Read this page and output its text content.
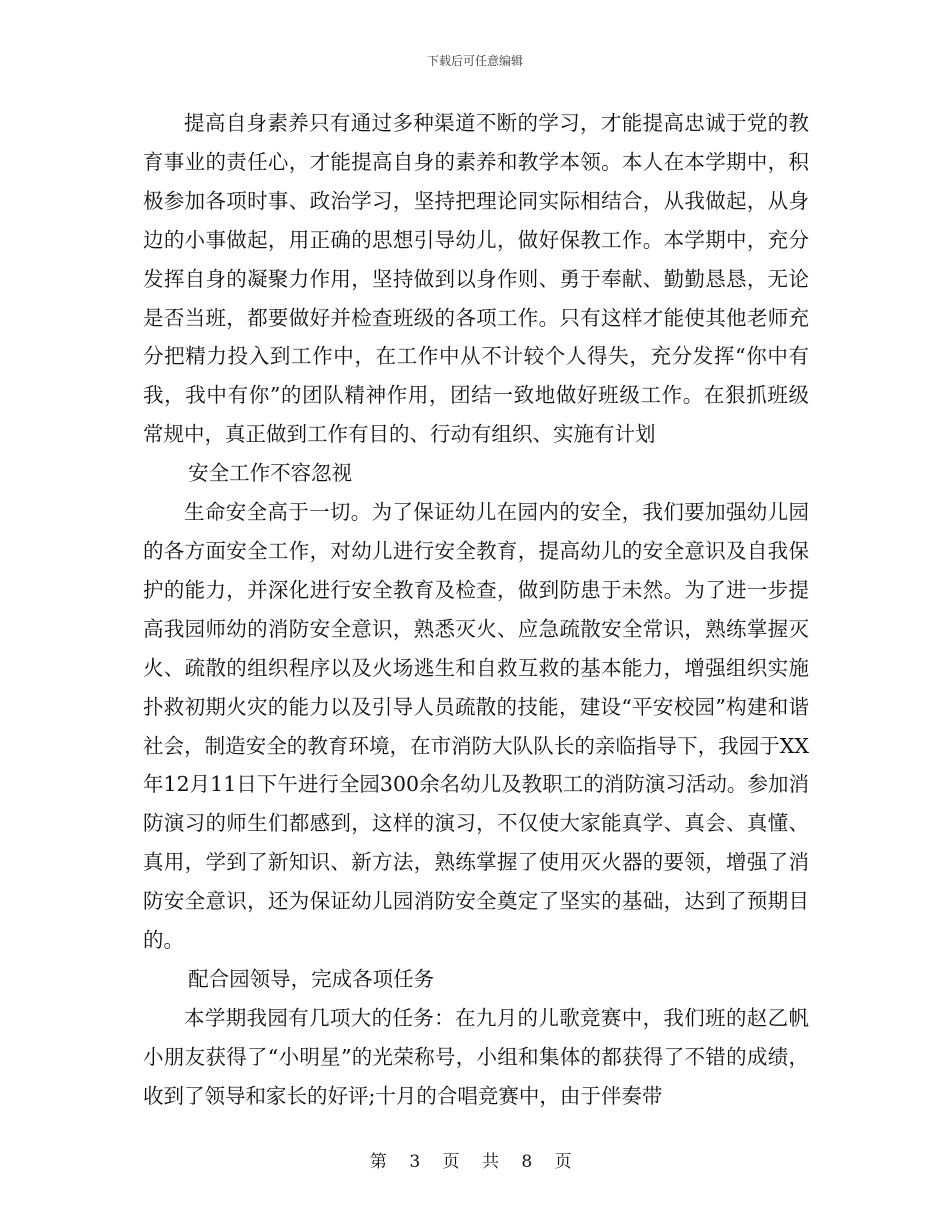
下载后可任意编辑

提高自身素养只有通过多种渠道不断的学习，才能提高忠诚于党的教育事业的责任心，才能提高自身的素养和教学本领。本人在本学期中，积极参加各项时事、政治学习，坚持把理论同实际相结合，从我做起，从身边的小事做起，用正确的思想引导幼儿，做好保教工作。本学期中，充分发挥自身的凝聚力作用，坚持做到以身作则、勇于奉献、勤勤恳恳，无论是否当班，都要做好并检查班级的各项工作。只有这样才能使其他老师充分把精力投入到工作中，在工作中从不计较个人得失，充分发挥“你中有我，我中有你”的团队精神作用，团结一致地做好班级工作。在狠抓班级常规中，真正做到工作有目的、行动有组织、实施有计划

安全工作不容忽视

生命安全高于一切。为了保证幼儿在园内的安全，我们要加强幼儿园的各方面安全工作，对幼儿进行安全教育，提高幼儿的安全意识及自我保护的能力，并深化进行安全教育及检查，做到防患于未然。为了进一步提高我园师幼的消防安全意识，熟悉灭火、应急疏散安全常识，熟练掌握灭火、疏散的组织程序以及火场逃生和自救互救的基本能力，增强组织实施扑救初期火灾的能力以及引导人员疏散的技能，建设“平安校园”构建和谐社会，制造安全的教育环境，在市消防大队队长的亲临指导下，我园于XX年12月11日下午进行全园300余名幼儿及教职工的消防演习活动。参加消防演习的师生们都感到，这样的演习，不仅使大家能真学、真会、真懂、真用，学到了新知识、新方法，熟练掌握了使用灭火器的要领，增强了消防安全意识，还为保证幼儿园消防安全奠定了坚实的基础，达到了预期目的。

配合园领导，完成各项任务

本学期我园有几项大的任务：在九月的儿歌竞赛中，我们班的赵乙帆小朋友获得了“小明星”的光荣称号，小组和集体的都获得了不错的成绩，收到了领导和家长的好评;十月的合唱竞赛中，由于伴奏带

第 3 页 共 8 页
